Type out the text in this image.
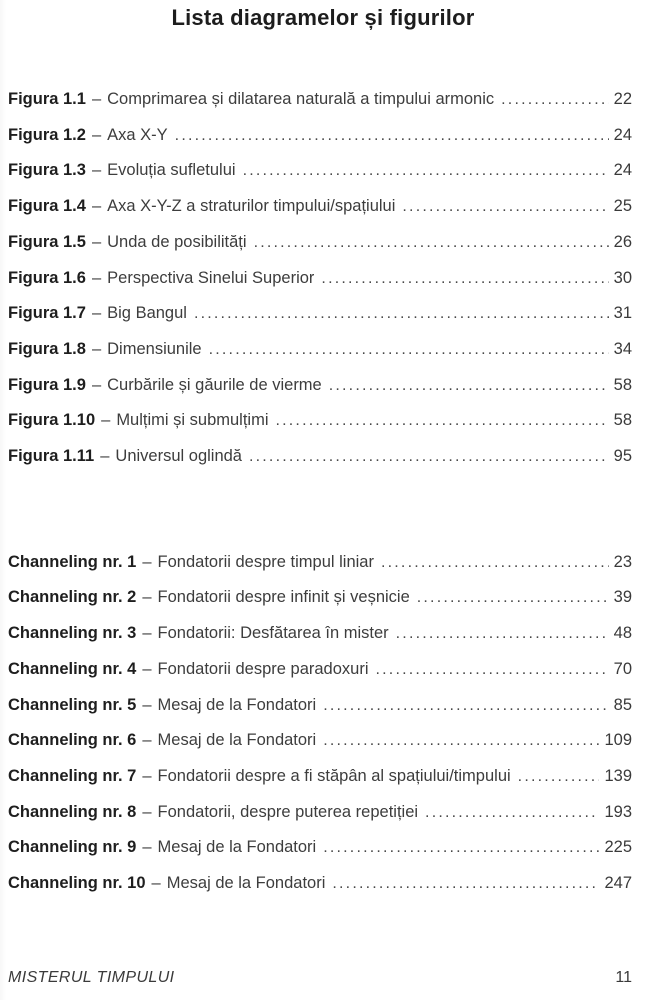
Lista diagramelor și figurilor
Figura 1.1 – Comprimarea și dilatarea naturală a timpului armonic .....	22
Figura 1.2 – Axa X-Y .....	24
Figura 1.3 – Evoluția sufletului .....	24
Figura 1.4 – Axa X-Y-Z a straturilor timpului/spațiului .....	25
Figura 1.5 – Unda de posibilități .....	26
Figura 1.6 – Perspectiva Sinelui Superior .....	30
Figura 1.7 – Big Bangul .....	31
Figura 1.8 – Dimensiunile .....	34
Figura 1.9 – Curbările și găurile de vierme .....	58
Figura 1.10 – Mulțimi și submulțimi .....	58
Figura 1.11 – Universul oglindă .....	95
Channeling nr. 1 – Fondatorii despre timpul liniar .....	23
Channeling nr. 2 – Fondatorii despre infinit și veșnicie .....	39
Channeling nr. 3 – Fondatorii: Desfătarea în mister .....	48
Channeling nr. 4 – Fondatorii despre paradoxuri .....	70
Channeling nr. 5 – Mesaj de la Fondatori .....	85
Channeling nr. 6 – Mesaj de la Fondatori .....	109
Channeling nr. 7 – Fondatorii despre a fi stăpân al spațiului/timpului .....	139
Channeling nr. 8 – Fondatorii, despre puterea repetiției .....	193
Channeling nr. 9 – Mesaj de la Fondatori .....	225
Channeling nr. 10 – Mesaj de la Fondatori .....	247
MISTERUL TIMPULUI	11
